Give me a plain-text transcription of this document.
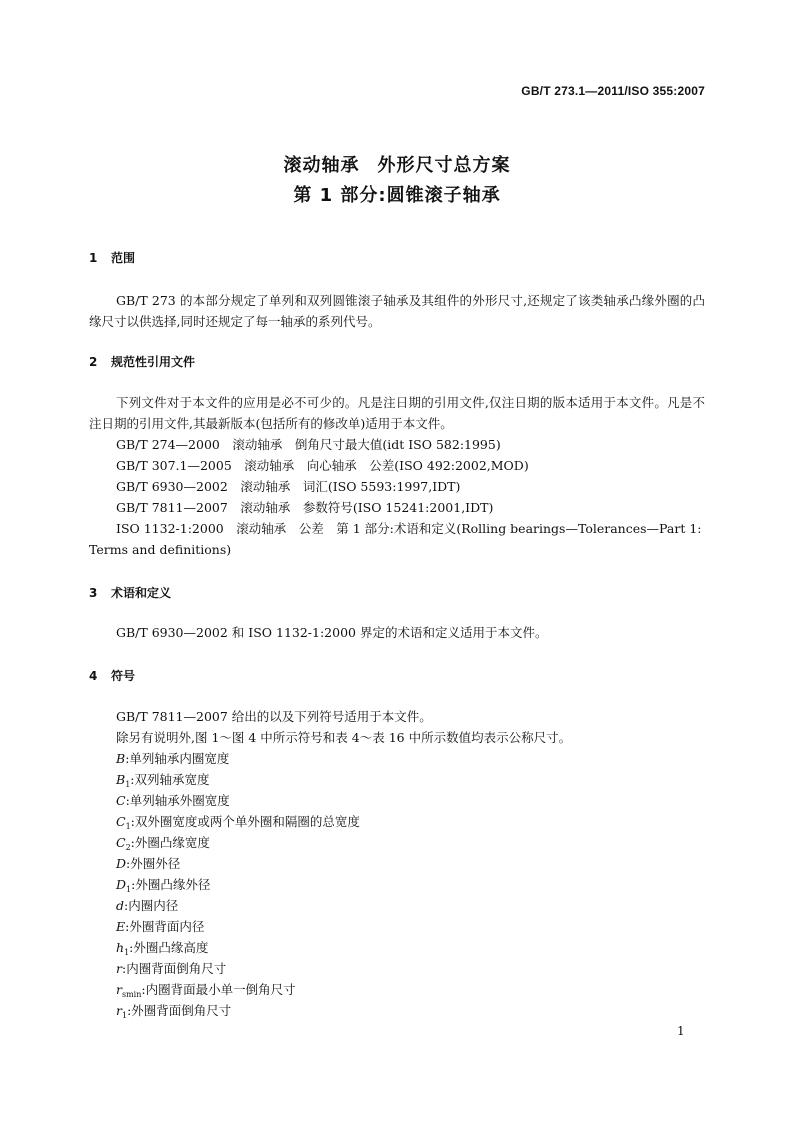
GB/T 273.1—2011/ISO 355:2007
滚动轴承 外形尺寸总方案
第 1 部分:圆锥滚子轴承
1 范围
GB/T 273 的本部分规定了单列和双列圆锥滚子轴承及其组件的外形尺寸,还规定了该类轴承凸缘外圈的凸缘尺寸以供选择,同时还规定了每一轴承的系列代号。
2 规范性引用文件
下列文件对于本文件的应用是必不可少的。凡是注日期的引用文件,仅注日期的版本适用于本文件。凡是不注日期的引用文件,其最新版本(包括所有的修改单)适用于本文件。
GB/T 274—2000　滚动轴承　倒角尺寸最大值(idt ISO 582:1995)
GB/T 307.1—2005　滚动轴承　向心轴承　公差(ISO 492:2002,MOD)
GB/T 6930—2002　滚动轴承　词汇(ISO 5593:1997,IDT)
GB/T 7811—2007　滚动轴承　参数符号(ISO 15241:2001,IDT)
ISO 1132-1:2000　滚动轴承　公差　第 1 部分:术语和定义(Rolling bearings—Tolerances—Part 1:
Terms and definitions)
3 术语和定义
GB/T 6930—2002 和 ISO 1132-1:2000 界定的术语和定义适用于本文件。
4 符号
GB/T 7811—2007 给出的以及下列符号适用于本文件。
除另有说明外,图 1～图 4 中所示符号和表 4～表 16 中所示数值均表示公称尺寸。
B:单列轴承内圈宽度
$B_1$:双列轴承宽度
C:单列轴承外圈宽度
$C_1$:双外圈宽度或两个单外圈和隔圈的总宽度
$C_2$:外圈凸缘宽度
D:外圈外径
$D_1$:外圈凸缘外径
d:内圈内径
E:外圈背面内径
$h_1$:外圈凸缘高度
r:内圈背面倒角尺寸
$r_{smin}$:内圈背面最小单一倒角尺寸
$r_1$:外圈背面倒角尺寸
1
